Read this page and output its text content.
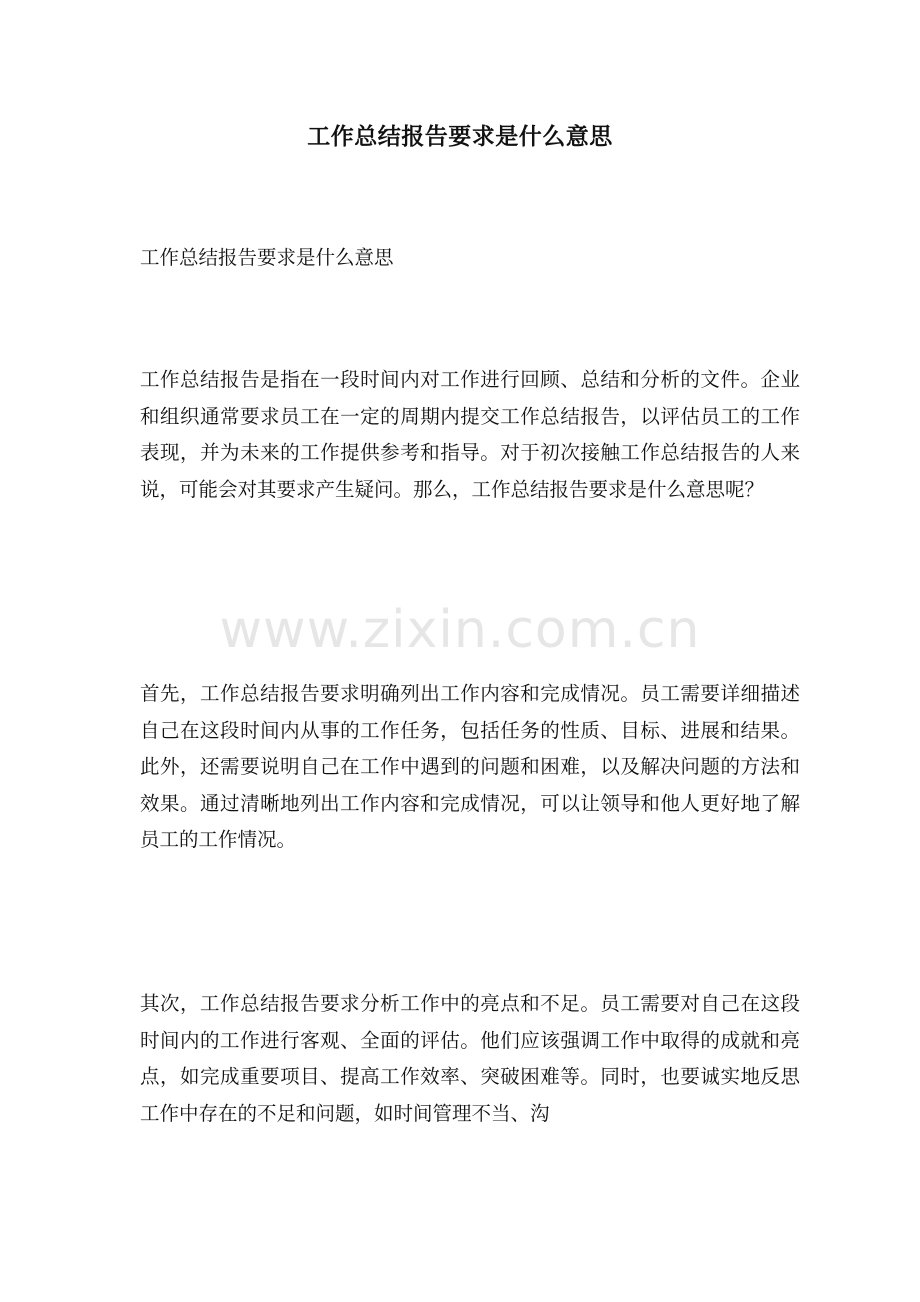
工作总结报告要求是什么意思

工作总结报告要求是什么意思

工作总结报告是指在一段时间内对工作进行回顾、总结和分析的文件。企业和组织通常要求员工在一定的周期内提交工作总结报告，以评估员工的工作表现，并为未来的工作提供参考和指导。对于初次接触工作总结报告的人来说，可能会对其要求产生疑问。那么，工作总结报告要求是什么意思呢？

www.zixin.com.cn

首先，工作总结报告要求明确列出工作内容和完成情况。员工需要详细描述自己在这段时间内从事的工作任务，包括任务的性质、目标、进展和结果。此外，还需要说明自己在工作中遇到的问题和困难，以及解决问题的方法和效果。通过清晰地列出工作内容和完成情况，可以让领导和他人更好地了解员工的工作情况。

其次，工作总结报告要求分析工作中的亮点和不足。员工需要对自己在这段时间内的工作进行客观、全面的评估。他们应该强调工作中取得的成就和亮点，如完成重要项目、提高工作效率、突破困难等。同时，也要诚实地反思工作中存在的不足和问题，如时间管理不当、沟
